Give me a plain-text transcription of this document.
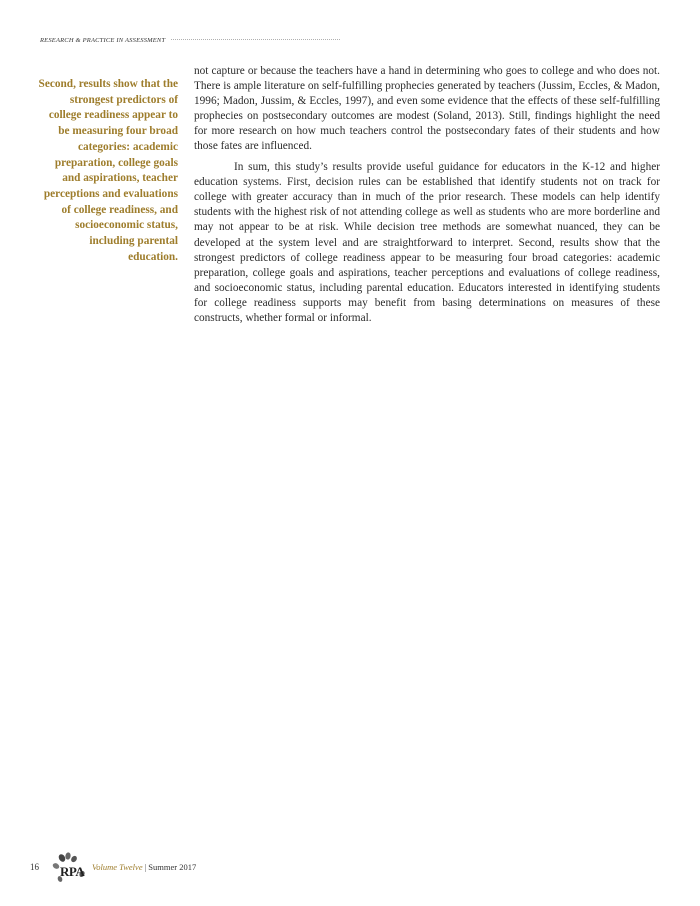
RESEARCH & PRACTICE IN ASSESSMENT
Second, results show that the strongest predictors of college readiness appear to be measuring four broad categories: academic preparation, college goals and aspirations, teacher perceptions and evaluations of college readiness, and socioeconomic status, including parental education.

not capture or because the teachers have a hand in determining who goes to college and who does not. There is ample literature on self-fulfilling prophecies generated by teachers (Jussim, Eccles, & Madon, 1996; Madon, Jussim, & Eccles, 1997), and even some evidence that the effects of these self-fulfilling prophecies on postsecondary outcomes are modest (Soland, 2013). Still, findings highlight the need for more research on how much teachers control the postsecondary fates of their students and how those fates are influenced.

In sum, this study’s results provide useful guidance for educators in the K-12 and higher education systems. First, decision rules can be established that identify students not on track for college with greater accuracy than in much of the prior research. These models can help identify students with the highest risk of not attending college as well as students who are more borderline and may not appear to be at risk. While decision tree methods are somewhat nuanced, they can be developed at the system level and are straightforward to interpret. Second, results show that the strongest predictors of college readiness appear to be measuring four broad categories: academic preparation, college goals and aspirations, teacher perceptions and evaluations of college readiness, and socioeconomic status, including parental education. Educators interested in identifying students for college readiness supports may benefit from basing determinations on measures of these constructs, whether formal or informal.

16	RPA Volume Twelve | Summer 2017
